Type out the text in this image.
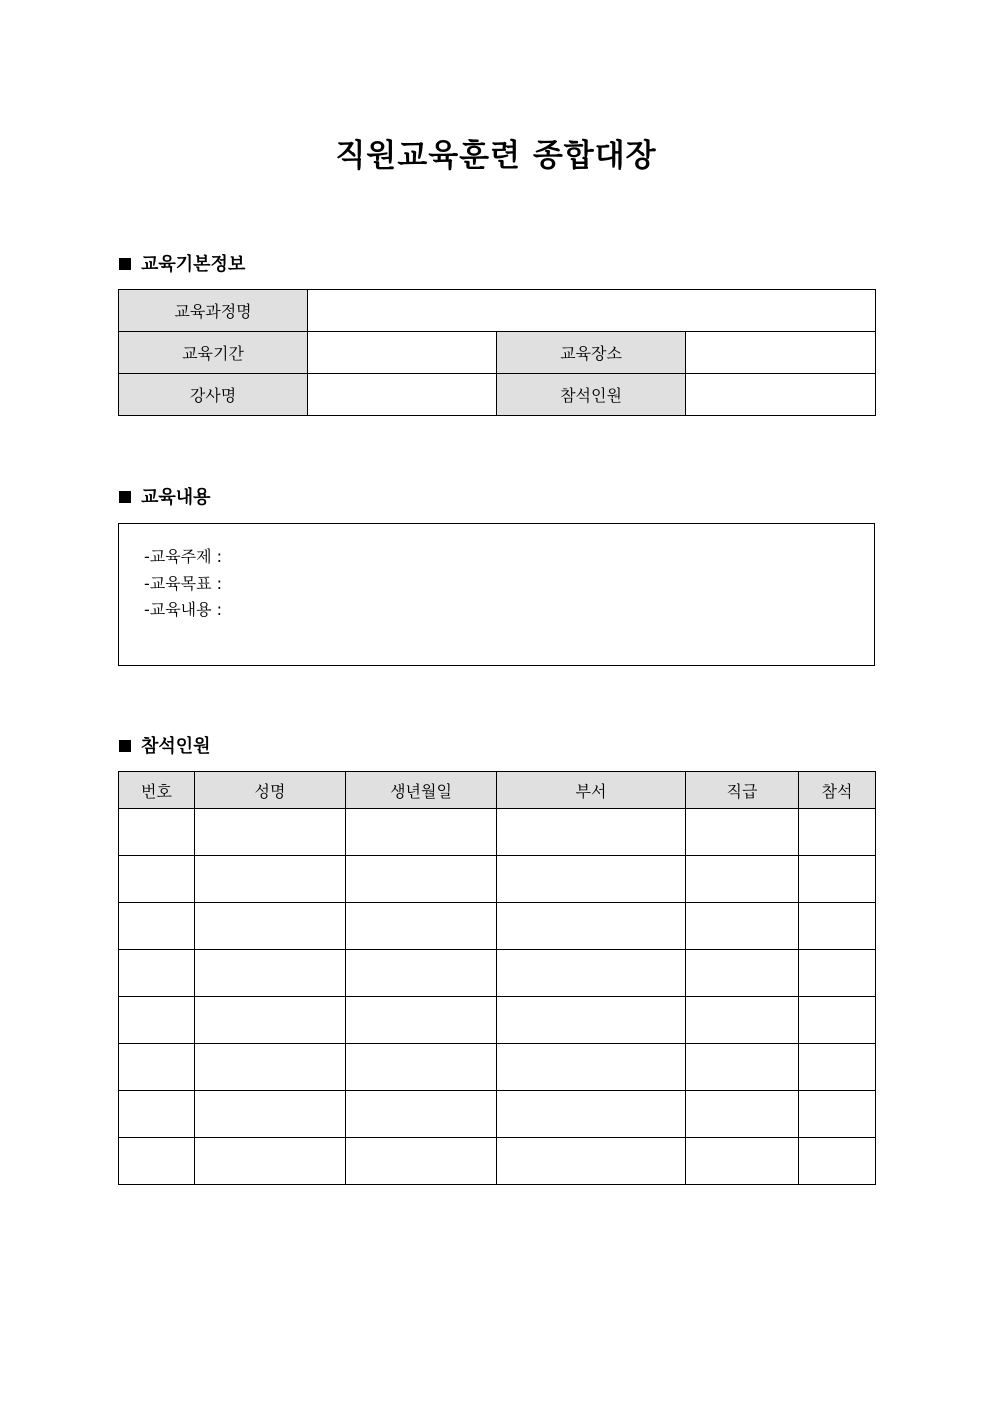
직원교육훈련 종합대장
교육기본정보
교육과정명			
교육기간		교육장소	
강사명		참석인원	
교육내용
-교육주제 :
-교육목표 :
-교육내용 :
참석인원
번호	성명	생년월일	부서	직급	참석
